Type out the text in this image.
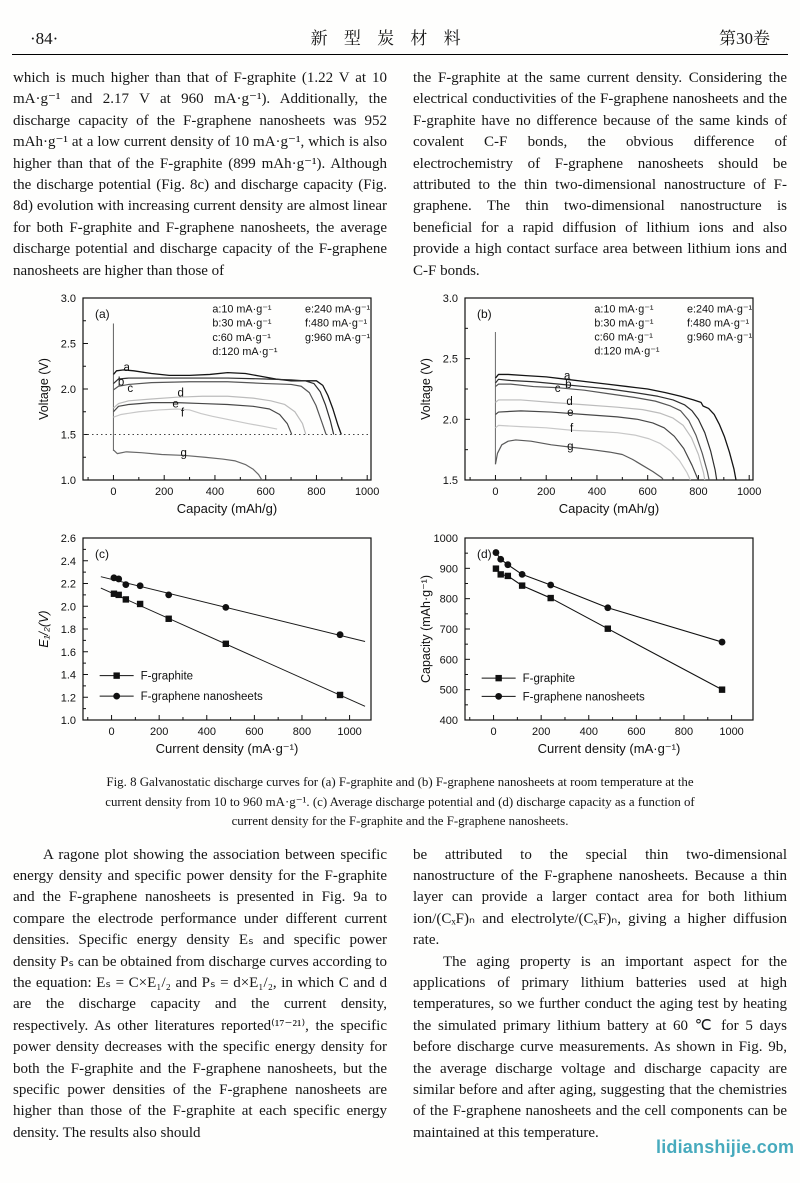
·84·	新 型 炭 材 料	第30卷

which is much higher than that of F-graphite (1.22 V at 10 mA·g⁻¹ and 2.17 V at 960 mA·g⁻¹). Additionally, the discharge capacity of the F-graphene nanosheets was 952 mAh·g⁻¹ at a low current density of 10 mA·g⁻¹, which is also higher than that of the F-graphite (899 mAh·g⁻¹). Although the discharge potential (Fig. 8c) and discharge capacity (Fig. 8d) evolution with increasing current density are almost linear for both F-graphite and F-graphene nanosheets, the average discharge potential and discharge capacity of the F-graphene nanosheets are higher than those of

the F-graphite at the same current density. Considering the electrical conductivities of the F-graphene nanosheets and the F-graphite have no difference because of the same kinds of covalent C-F bonds, the obvious difference of electrochemistry of F-graphene nanosheets should be attributed to the thin two-dimensional nanostructure of F-graphene. The thin two-dimensional nanostructure is beneficial for a rapid diffusion of lithium ions and also provide a high contact surface area between lithium ions and C-F bonds.

0	200	400	600	800	1000
1.0
1.5
2.0
2.5
3.0
Capacity (mAh/g)
Voltage (V)	a
b
c	d
e
f
g
(a)	a:10 mA·g⁻¹
b:30 mA·g⁻¹
c:60 mA·g⁻¹
d:120 mA·g⁻¹
e:240 mA·g⁻¹
f:480 mA·g⁻¹
g:960 mA·g⁻¹
0	200	400	600	800	1000
1.5
2.0
2.5
3.0
Capacity (mAh/g)
Voltage (V)	a
b
c
d
e
f
g
(b)	a:10 mA·g⁻¹
b:30 mA·g⁻¹
c:60 mA·g⁻¹
d:120 mA·g⁻¹
e:240 mA·g⁻¹
f:480 mA·g⁻¹
g:960 mA·g⁻¹
0	200	400	600	800 1000
1.0
1.2
1.4
1.6
1.8
2.0
2.2
2.4
2.6
Current density (mA·g⁻¹)
E₁/₂(V)
(c)
F-graphite
F-graphene nanosheets
0	200	400	600	800 1000
400
500
600
700
800
900
1000
Current density (mA·g⁻¹)
Capacity (mAh·g⁻¹)
(d)
F-graphite
F-graphene nanosheets
Fig. 8 Galvanostatic discharge curves for (a) F-graphite and (b) F-graphene nanosheets at room temperature at the
current density from 10 to 960 mA·g⁻¹. (c) Average discharge potential and (d) discharge capacity as a function of
current density for the F-graphite and the F-graphene nanosheets.

A ragone plot showing the association between specific energy density and specific power density for the F-graphite and the F-graphene nanosheets is presented in Fig. 9a to compare the electrode performance under different current densities. Specific energy density Eₛ and specific power density Pₛ can be obtained from discharge curves according to the equation: Eₛ = C×E₁/₂ and Pₛ = d×E₁/₂, in which C and d are the discharge capacity and the current density, respectively. As other literatures reported⁽¹⁷⁻²¹⁾, the specific power density decreases with the specific energy density for both the F-graphite and the F-graphene nanosheets, but the specific power densities of the F-graphene nanosheets are higher than those of the F-graphite at each specific energy density. The results also should

be attributed to the special thin two-dimensional nanostructure of the F-graphene nanosheets. Because a thin layer can provide a larger contact area for both lithium ion/(CₓF)ₙ and electrolyte/(CₓF)ₙ, giving a higher diffusion rate.

The aging property is an important aspect for the applications of primary lithium batteries used at high temperatures, so we further conduct the aging test by heating the simulated primary lithium battery at 60 ℃ for 5 days before discharge curve measurements. As shown in Fig. 9b, the average discharge voltage and discharge capacity are similar before and after aging, suggesting that the chemistries of the F-graphene nanosheets and the cell components can be maintained at this temperature.

lidianshijie.com
